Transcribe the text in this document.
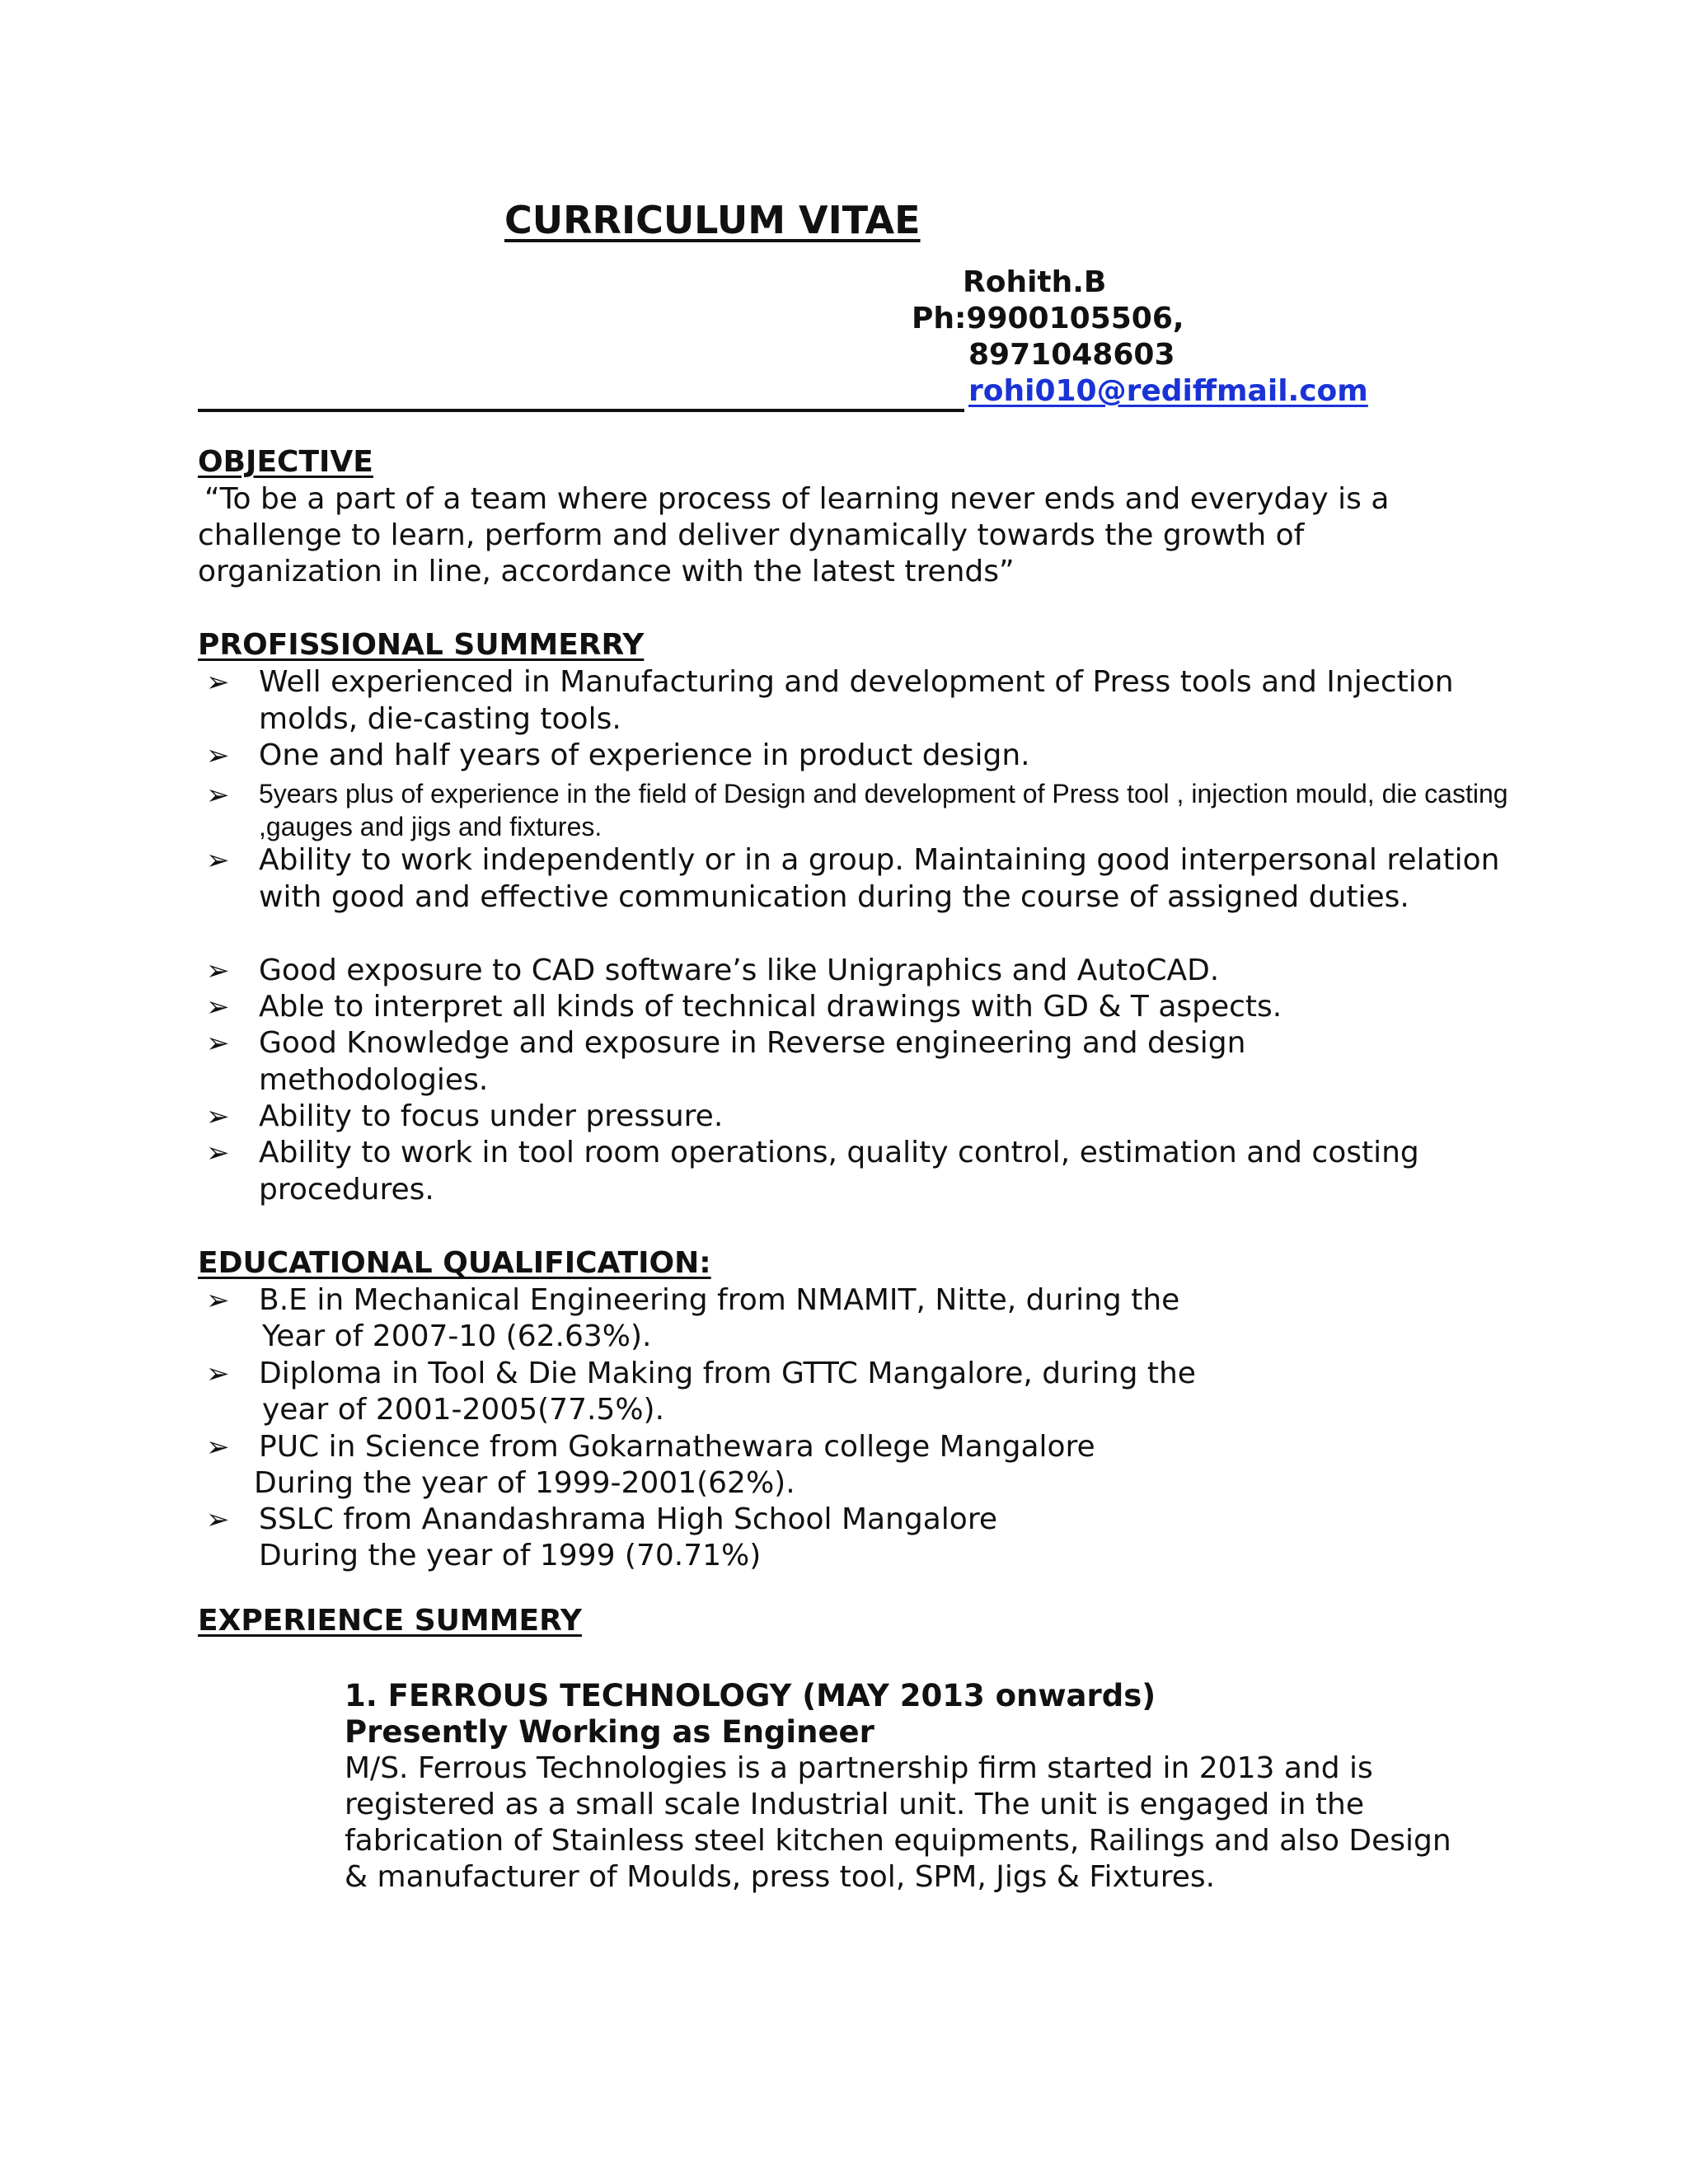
CURRICULUM VITAE
Rohith.B
Ph:9900105506,
8971048603
rohi010@rediffmail.com
OBJECTIVE
“To be a part of a team where process of learning never ends and everyday is a
challenge to learn, perform and deliver dynamically towards the growth of
organization in line, accordance with the latest trends”
PROFISSIONAL SUMMERRY
➢ Well experienced in Manufacturing and development of Press tools and Injection molds, die-casting tools.
➢ One and half years of experience in product design.
➢ 5years plus of experience in the field of Design and development of Press tool , injection mould, die casting ,gauges and jigs and fixtures.
➢ Ability to work independently or in a group. Maintaining good interpersonal relation with good and effective communication during the course of assigned duties.
➢ Good exposure to CAD software’s like Unigraphics and AutoCAD.
➢ Able to interpret all kinds of technical drawings with GD & T aspects.
➢ Good Knowledge and exposure in Reverse engineering and design methodologies.
➢ Ability to focus under pressure.
➢ Ability to work in tool room operations, quality control, estimation and costing procedures.
EDUCATIONAL QUALIFICATION:
➢ B.E in Mechanical Engineering from NMAMIT, Nitte, during the
Year of 2007-10 (62.63%).
➢ Diploma in Tool & Die Making from GTTC Mangalore, during the
year of 2001-2005(77.5%).
➢ PUC in Science from Gokarnathewara college Mangalore
During the year of 1999-2001(62%).
➢ SSLC from Anandashrama High School Mangalore
During the year of 1999 (70.71%)
EXPERIENCE SUMMERY
1. FERROUS TECHNOLOGY (MAY 2013 onwards)
Presently Working as Engineer
M/S. Ferrous Technologies is a partnership firm started in 2013 and is
registered as a small scale Industrial unit. The unit is engaged in the
fabrication of Stainless steel kitchen equipments, Railings and also Design
& manufacturer of Moulds, press tool, SPM, Jigs & Fixtures.
